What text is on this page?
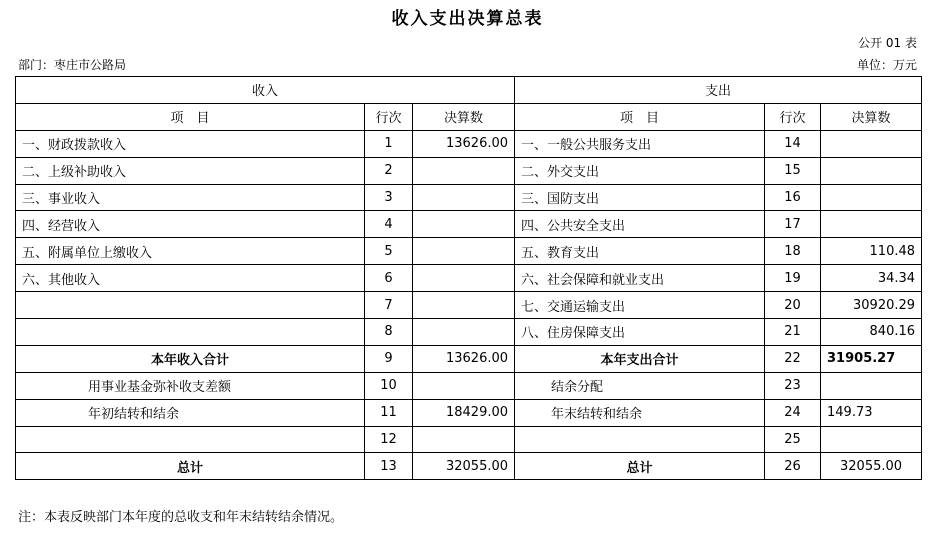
收入支出决算总表
公开 01 表
部门：枣庄市公路局	单位：万元
收入			支出		
项　目	行次	决算数	项　目	行次	决算数
一、财政拨款收入	1	13626.00	一、一般公共服务支出	14	
二、上级补助收入	2		二、外交支出	15	
三、事业收入	3		三、国防支出	16	
四、经营收入	4		四、公共安全支出	17	
五、附属单位上缴收入	5		五、教育支出	18	110.48
六、其他收入	6		六、社会保障和就业支出	19	34.34
	7		七、交通运输支出	20	30920.29
	8		八、住房保障支出	21	840.16
本年收入合计	9	13626.00	本年支出合计	22	31905.27
用事业基金弥补收支差额	10		结余分配	23	
年初结转和结余	11	18429.00	年末结转和结余	24	149.73
	12			25	
总计	13	32055.00	总计	26	32055.00
注：本表反映部门本年度的总收支和年末结转结余情况。
